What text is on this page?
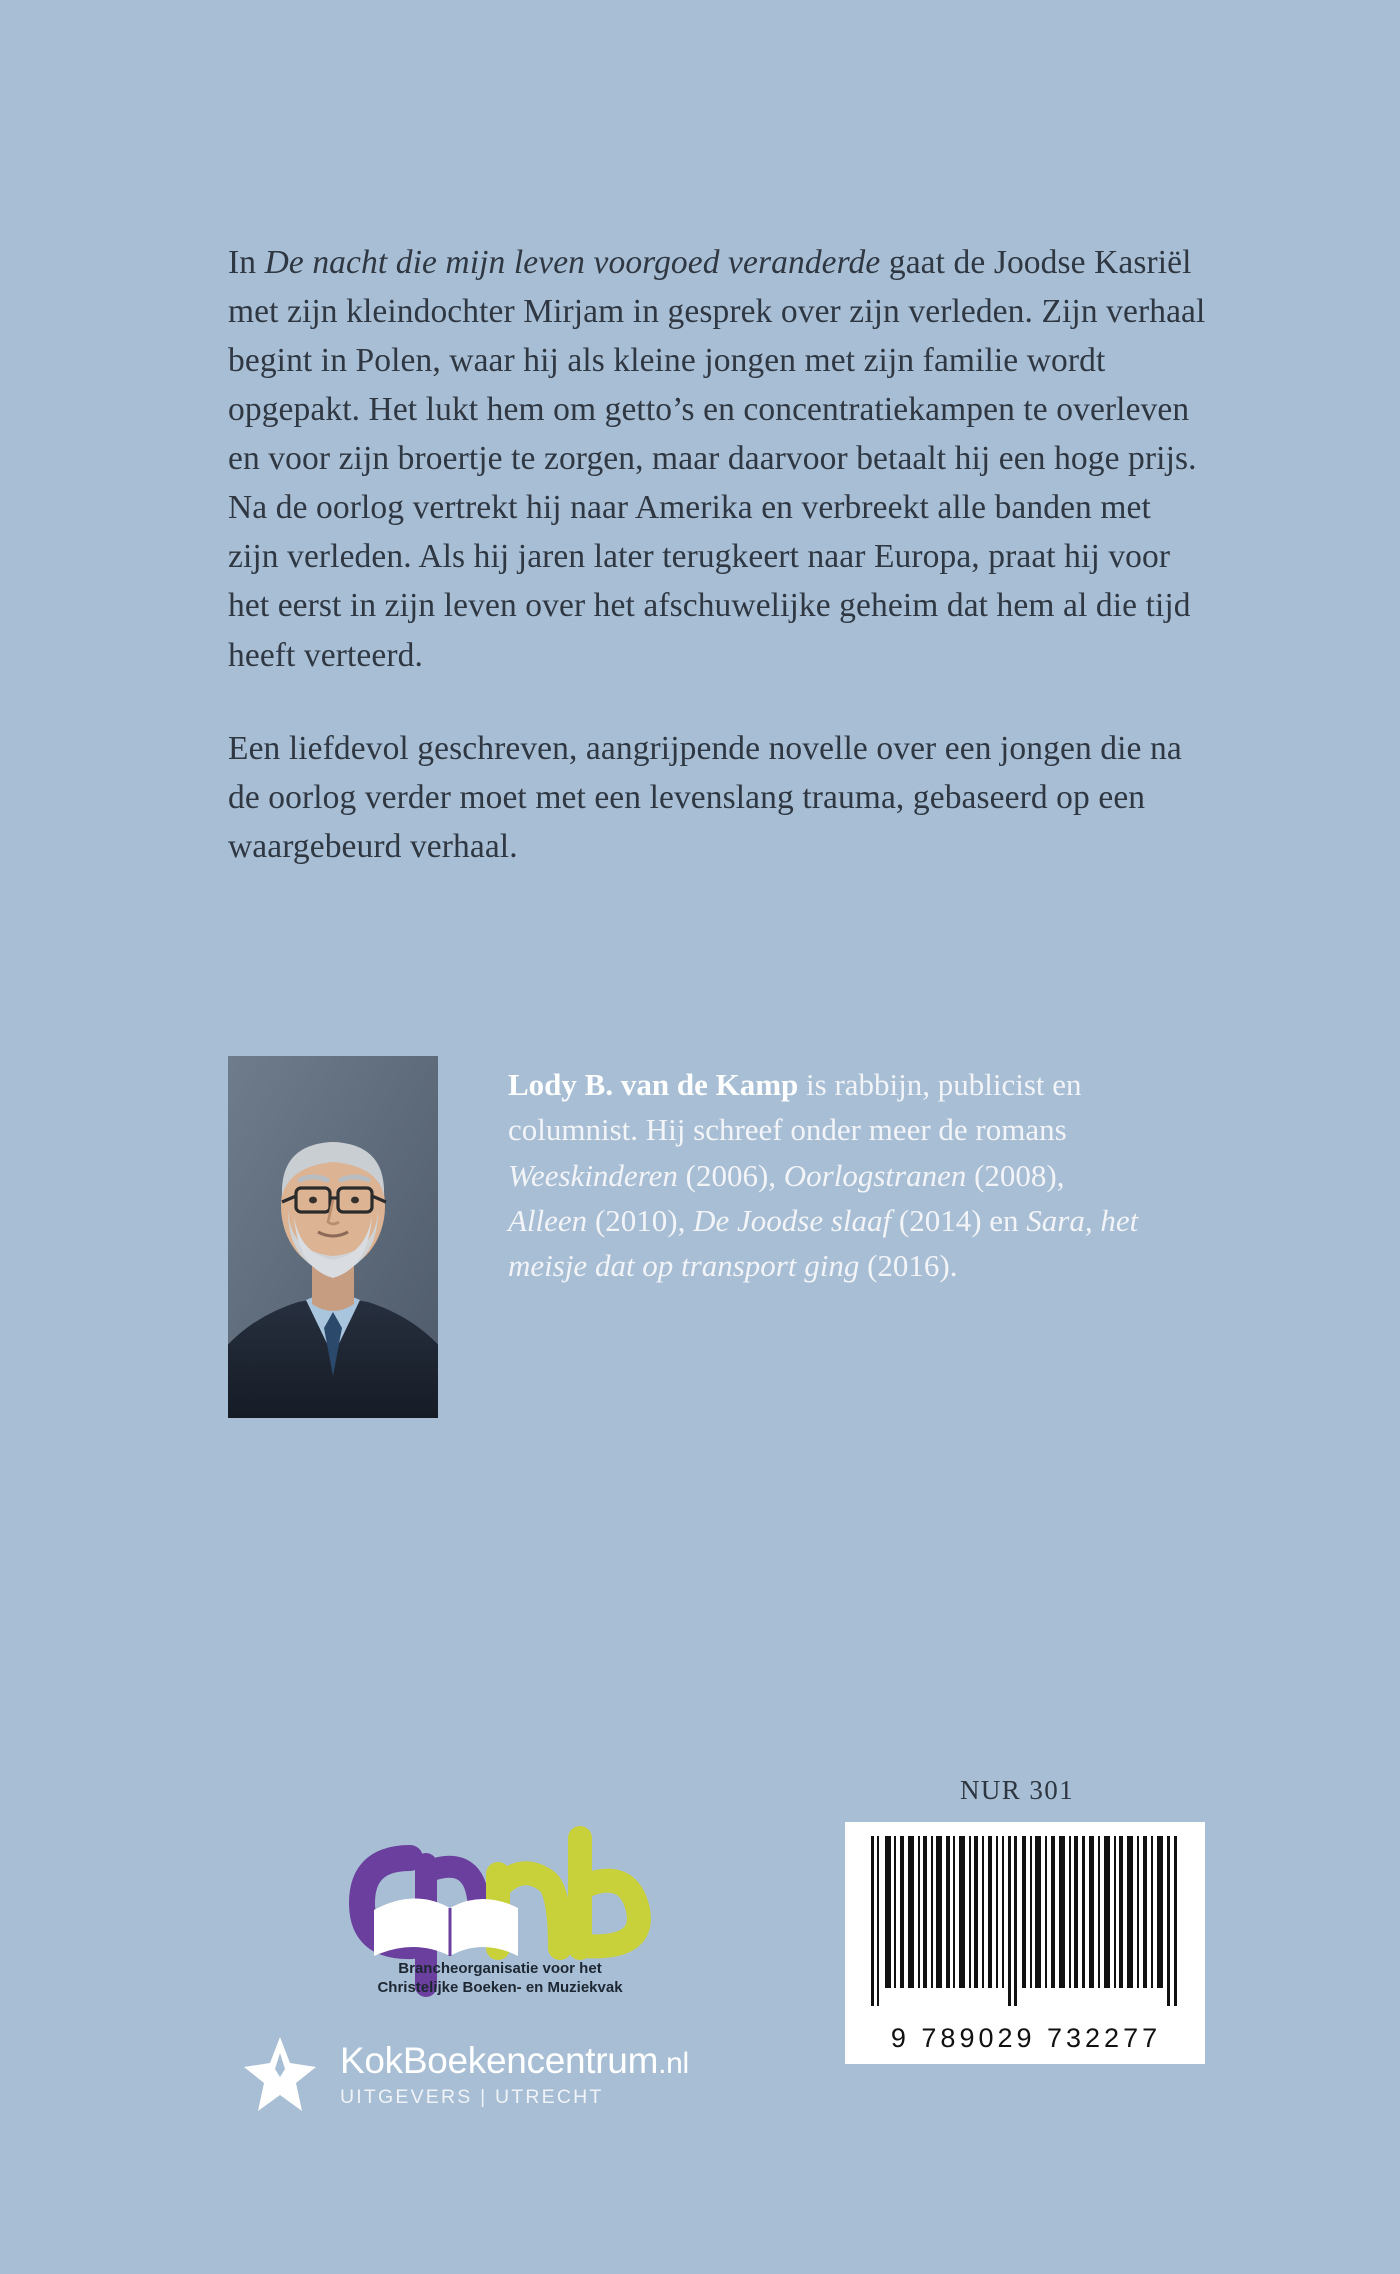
In De nacht die mijn leven voorgoed veranderde gaat de Joodse Kasriël met zijn kleindochter Mirjam in gesprek over zijn verleden. Zijn verhaal begint in Polen, waar hij als kleine jongen met zijn familie wordt opgepakt. Het lukt hem om getto’s en concentratiekampen te overleven en voor zijn broertje te zorgen, maar daarvoor betaalt hij een hoge prijs. Na de oorlog vertrekt hij naar Amerika en verbreekt alle banden met zijn verleden. Als hij jaren later terugkeert naar Europa, praat hij voor het eerst in zijn leven over het afschuwelijke geheim dat hem al die tijd heeft verteerd.

Een liefdevol geschreven, aangrijpende novelle over een jongen die na de oorlog verder moet met een levenslang trauma, gebaseerd op een waargebeurd verhaal.

Lody B. van de Kamp is rabbijn, publicist en columnist. Hij schreef onder meer de romans Weeskinderen (2006), Oorlogstranen (2008), Alleen (2010), De Joodse slaaf (2014) en Sara, het meisje dat op transport ging (2016).
NUR 301
9 789029 732277
Brancheorganisatie voor het
Christelijke Boeken- en Muziekvak
KokBoekencentrum.nl
UITGEVERS | UTRECHT
